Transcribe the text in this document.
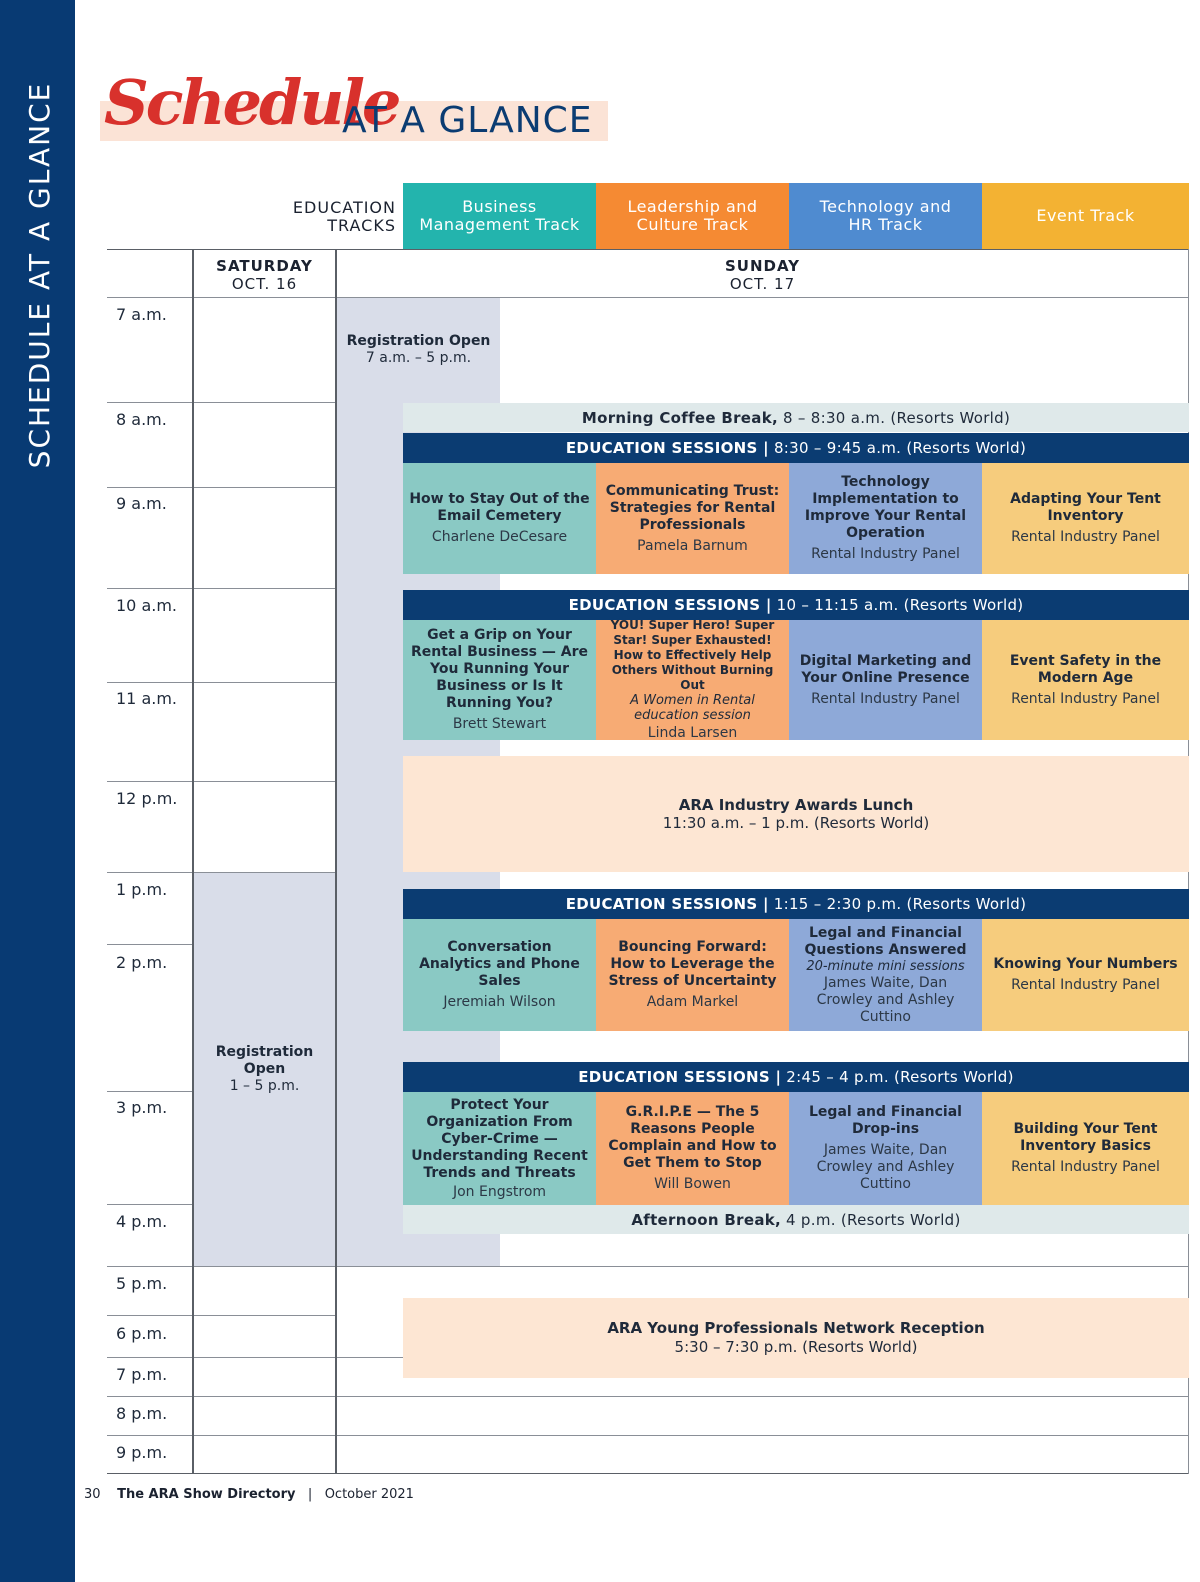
SCHEDULE AT A GLANCE Schedule
AT A GLANCE
EDUCATION
TRACKS
Business
Management Track
Leadership and
Culture Track
Technology and
HR Track	Event Track
SATURDAY
OCT. 16
SUNDAY
OCT. 17
7 a.m.
8 a.m.
9 a.m.
10 a.m.
11 a.m.
12 p.m.
1 p.m.
2 p.m.
3 p.m.
4 p.m.
5 p.m.
6 p.m.
7 p.m.
8 p.m.
9 p.m.
Registration Open
7 a.m. – 5 p.m.
Registration
Open
1 – 5 p.m.
Morning Coffee Break, 8 – 8:30 a.m. (Resorts World)
EDUCATION SESSIONS | 8:30 – 9:45 a.m. (Resorts World)
How to Stay Out of the Email Cemetery
Charlene DeCesare
Communicating Trust: Strategies for Rental Professionals
Pamela Barnum
Technology Implementation to Improve Your Rental Operation
Rental Industry Panel
Adapting Your Tent Inventory
Rental Industry Panel
EDUCATION SESSIONS | 10 – 11:15 a.m. (Resorts World)
Get a Grip on Your Rental Business — Are You Running Your Business or Is It Running You?
Brett Stewart
YOU! Super Hero! Super Star! Super Exhausted! How to Effectively Help Others Without Burning Out
A Women in Rental education session
Linda Larsen
Digital Marketing and Your Online Presence
Rental Industry Panel
Event Safety in the Modern Age
Rental Industry Panel
ARA Industry Awards Lunch
11:30 a.m. – 1 p.m. (Resorts World)
EDUCATION SESSIONS | 1:15 – 2:30 p.m. (Resorts World)
Conversation Analytics and Phone Sales
Jeremiah Wilson
Bouncing Forward: How to Leverage the Stress of Uncertainty
Adam Markel
Legal and Financial Questions Answered
20-minute mini sessions
James Waite, Dan Crowley and Ashley Cuttino
Knowing Your Numbers
Rental Industry Panel
EDUCATION SESSIONS | 2:45 – 4 p.m. (Resorts World)
Protect Your Organization From Cyber-Crime — Understanding Recent Trends and Threats
Jon Engstrom
G.R.I.P.E — The 5 Reasons People Complain and How to Get Them to Stop
Will Bowen
Legal and Financial Drop-ins
James Waite, Dan Crowley and Ashley Cuttino
Building Your Tent Inventory Basics
Rental Industry Panel
Afternoon Break, 4 p.m. (Resorts World)
ARA Young Professionals Network Reception
5:30 – 7:30 p.m. (Resorts World)
30 The ARA Show Directory | October 2021
